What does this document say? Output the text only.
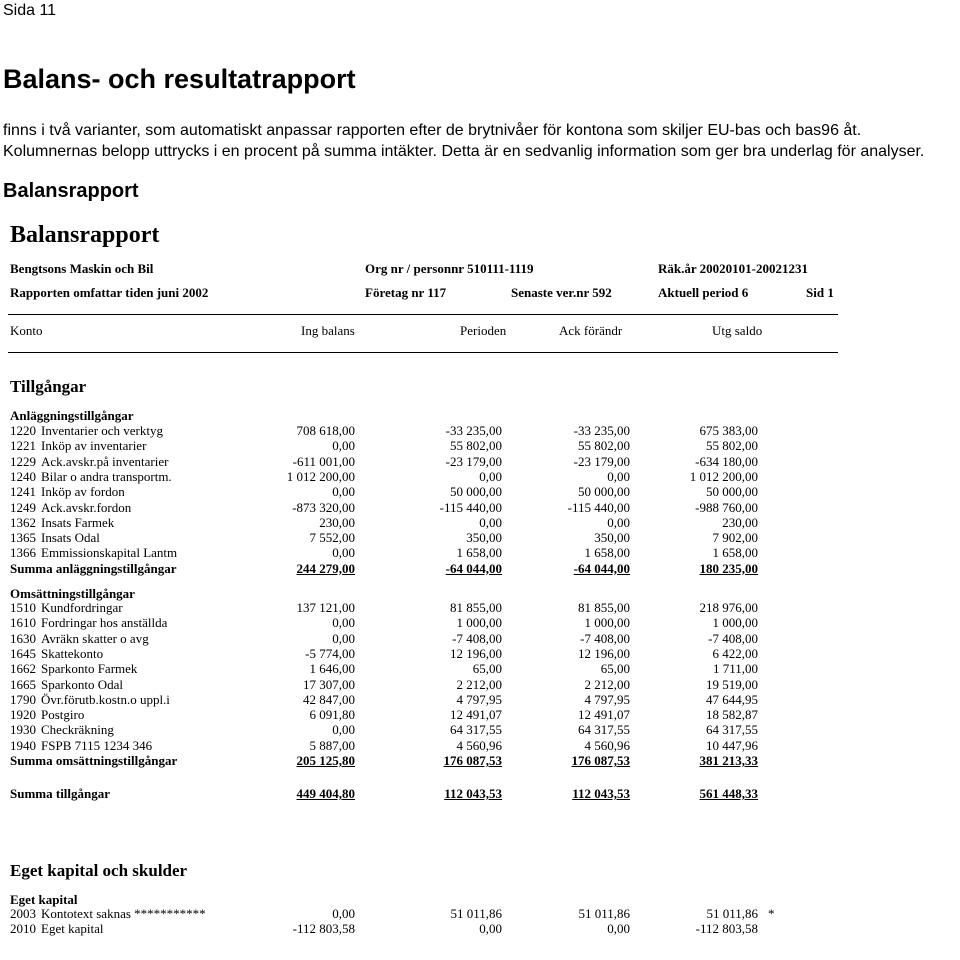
Sida 11
Balans- och resultatrapport
finns i två varianter, som automatiskt anpassar rapporten efter de brytnivåer för kontona som skiljer EU-bas och bas96 åt.
Kolumnernas belopp uttrycks i en procent på summa intäkter. Detta är en sedvanlig information som ger bra underlag för analyser.
Balansrapport
Balansrapport
Bengtsons Maskin och Bil	Org nr / personnr 510111-1119	Räk.år 20020101-20021231
Rapporten omfattar tiden juni 2002	Företag nr 117	Senaste ver.nr 592	Aktuell period 6	Sid 1
Konto	Ing balans	Perioden	Ack förändr	Utg saldo
Tillgångar
Anläggningstillgångar
1220 Inventarier och verktyg	708 618,00	-33 235,00	-33 235,00	675 383,00
1221 Inköp av inventarier	0,00	55 802,00	55 802,00	55 802,00
1229 Ack.avskr.på inventarier	-611 001,00	-23 179,00	-23 179,00	-634 180,00
1240 Bilar o andra transportm.	1 012 200,00	0,00	0,00	1 012 200,00
1241 Inköp av fordon	0,00	50 000,00	50 000,00	50 000,00
1249 Ack.avskr.fordon	-873 320,00	-115 440,00	-115 440,00	-988 760,00
1362 Insats Farmek	230,00	0,00	0,00	230,00
1365 Insats Odal	7 552,00	350,00	350,00	7 902,00
1366 Emmissionskapital Lantm	0,00	1 658,00	1 658,00	1 658,00
Summa anläggningstillgångar	244 279,00	-64 044,00	-64 044,00	180 235,00
Omsättningstillgångar
1510 Kundfordringar	137 121,00	81 855,00	81 855,00	218 976,00
1610 Fordringar hos anställda	0,00	1 000,00	1 000,00	1 000,00
1630 Avräkn skatter o avg	0,00	-7 408,00	-7 408,00	-7 408,00
1645 Skattekonto	-5 774,00	12 196,00	12 196,00	6 422,00
1662 Sparkonto Farmek	1 646,00	65,00	65,00	1 711,00
1665 Sparkonto Odal	17 307,00	2 212,00	2 212,00	19 519,00
1790 Övr.förutb.kostn.o uppl.i	42 847,00	4 797,95	4 797,95	47 644,95
1920 Postgiro	6 091,80	12 491,07	12 491,07	18 582,87
1930 Checkräkning	0,00	64 317,55	64 317,55	64 317,55
1940 FSPB 7115 1234 346	5 887,00	4 560,96	4 560,96	10 447,96
Summa omsättningstillgångar	205 125,80	176 087,53	176 087,53	381 213,33
Eget kapital och skulder
Eget kapital
2003 Kontotext saknas ***********	0,00	51 011,86	51 011,86	51 011,86 *
2010 Eget kapital	-112 803,58	0,00	0,00	-112 803,58
Summa tillgångar	449 404,80	112 043,53	112 043,53	561 448,33
